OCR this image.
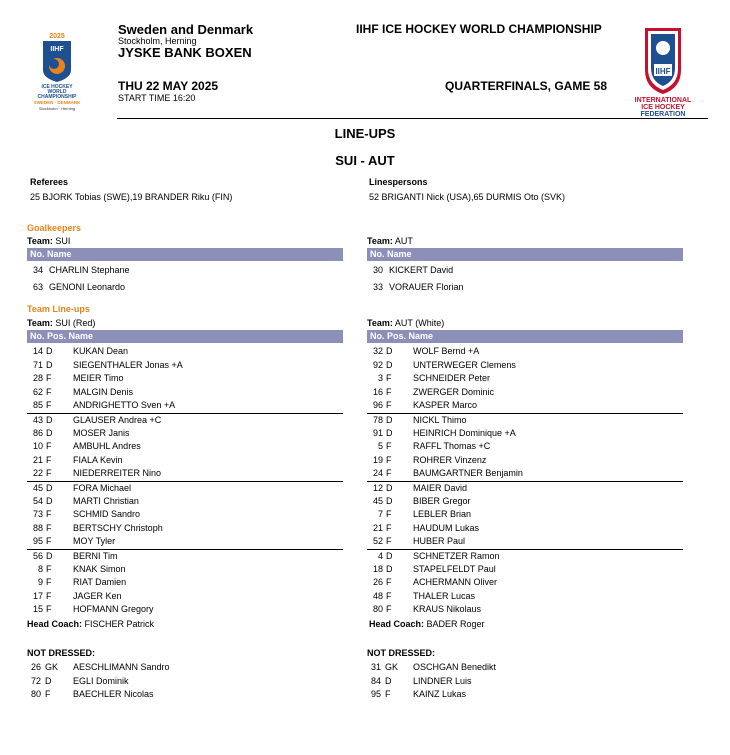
2025
IIHF
ICE HOCKEY
WORLD
CHAMPIONSHIP
SWEDEN · DENMARK
Stockholm · Herning
IIHF
INTERNATIONAL
ICE HOCKEY
FEDERATION
Sweden and Denmark
Stockholm, Herning
JYSKE BANK BOXEN
THU 22 MAY 2025
START TIME 16:20
IIHF ICE HOCKEY WORLD CHAMPIONSHIP
QUARTERFINALS, GAME 58
LINE-UPS
SUI - AUT
Referees
25 BJORK Tobias (SWE),19 BRANDER Riku (FIN)
Linespersons
52 BRIGANTI Nick (USA),65 DURMIS Oto (SVK)
Goalkeepers
Team: SUI
No. Name
34 CHARLIN Stephane
63 GENONI Leonardo
Team: AUT
No. Name
30 KICKERT David
33 VORAUER Florian
Team Line-ups
Team: SUI (Red)
No. Pos. Name
14 D KUKAN Dean
71 D SIEGENTHALER Jonas +A
28 F MEIER Timo
62 F MALGIN Denis
85 F ANDRIGHETTO Sven +A
43 D GLAUSER Andrea +C
86 D MOSER Janis
10 F AMBUHL Andres
21 F FIALA Kevin
22 F NIEDERREITER Nino
45 D FORA Michael
54 D MARTI Christian
73 F SCHMID Sandro
88 F BERTSCHY Christoph
95 F MOY Tyler
56 D BERNI Tim
8 F KNAK Simon
9 F RIAT Damien
17 F JAGER Ken
15 F HOFMANN Gregory
Team: AUT (White)
No. Pos. Name
32 D WOLF Bernd +A
92 D UNTERWEGER Clemens
3 F SCHNEIDER Peter
16 F ZWERGER Dominic
96 F KASPER Marco
78 D NICKL Thimo
91 D HEINRICH Dominique +A
5 F RAFFL Thomas +C
19 F ROHRER Vinzenz
24 F BAUMGARTNER Benjamin
12 D MAIER David
45 D BIBER Gregor
7 F LEBLER Brian
21 F HAUDUM Lukas
52 F HUBER Paul
4 D SCHNETZER Ramon
18 D STAPELFELDT Paul
26 F ACHERMANN Oliver
48 F THALER Lucas
80 F KRAUS Nikolaus
Head Coach: FISCHER Patrick	Head Coach: BADER Roger
NOT DRESSED:	NOT DRESSED:
26 GK AESCHLIMANN Sandro
72 D EGLI Dominik
80 F	BAECHLER Nicolas
31 GK OSCHGAN Benedikt
84 D LINDNER Luis
95 F	KAINZ Lukas
